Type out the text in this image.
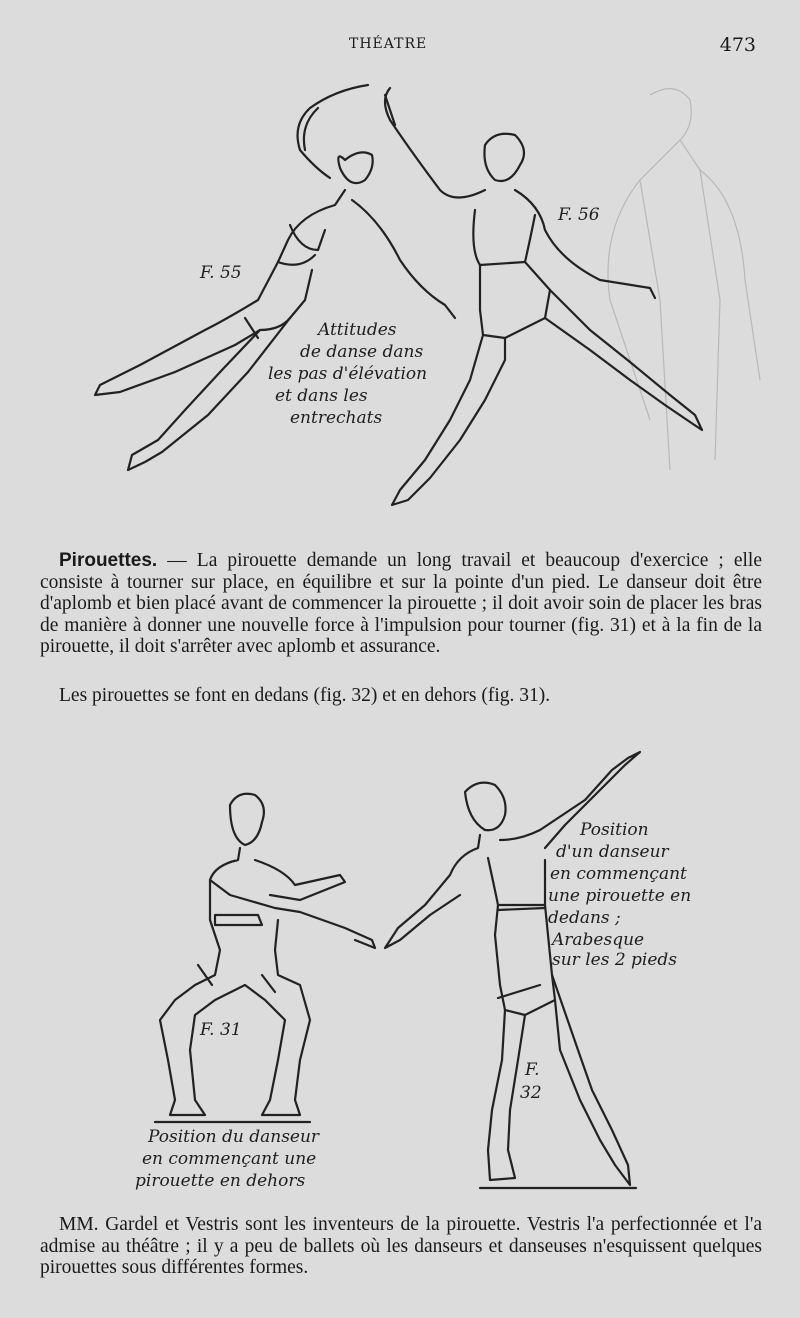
THÉATRE	473
F. 55
F. 56
Attitudes
de danse dans
les pas d'élévation
et dans les
entrechats

Pirouettes. — La pirouette demande un long travail et beaucoup d'exercice ; elle consiste à tourner sur place, en équilibre et sur la pointe d'un pied. Le danseur doit être d'aplomb et bien placé avant de commencer la pirouette ; il doit avoir soin de placer les bras de manière à donner une nouvelle force à l'impulsion pour tourner (fig. 31) et à la fin de la pirouette, il doit s'arrêter avec aplomb et assurance.

Les pirouettes se font en dedans (fig. 32) et en dehors (fig. 31).

F. 31
F.
32
Position du danseur
en commençant une
pirouette en dehors
Position
d'un danseur
en commençant
une pirouette en
dedans ;
Arabesque
sur les 2 pieds

MM. Gardel et Vestris sont les inventeurs de la pirouette. Vestris l'a perfectionnée et l'a admise au théâtre ; il y a peu de ballets où les danseurs et danseuses n'esquissent quelques pirouettes sous différentes formes.
